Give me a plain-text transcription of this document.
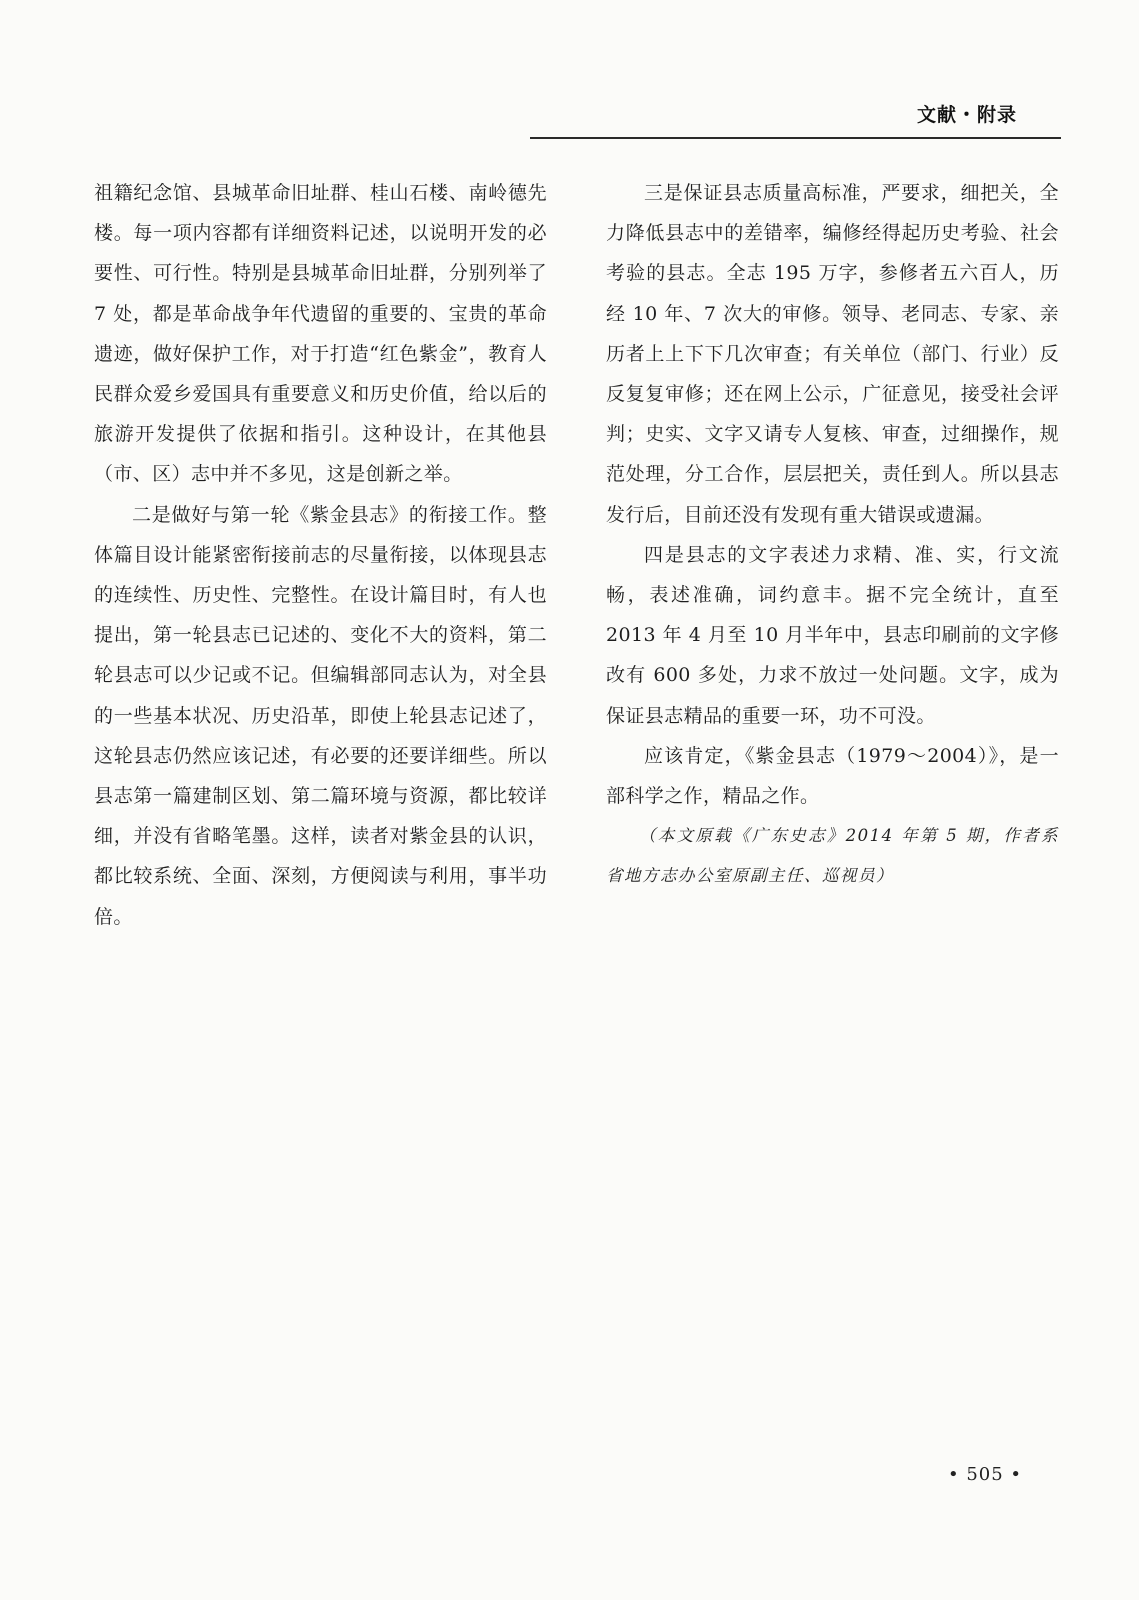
文献・附录

祖籍纪念馆、县城革命旧址群、桂山石楼、南岭德先楼。每一项内容都有详细资料记述，以说明开发的必要性、可行性。特别是县城革命旧址群，分别列举了 7 处，都是革命战争年代遗留的重要的、宝贵的革命遗迹，做好保护工作，对于打造“红色紫金”，教育人民群众爱乡爱国具有重要意义和历史价值，给以后的旅游开发提供了依据和指引。这种设计，在其他县（市、区）志中并不多见，这是创新之举。

二是做好与第一轮《紫金县志》的衔接工作。整体篇目设计能紧密衔接前志的尽量衔接，以体现县志的连续性、历史性、完整性。在设计篇目时，有人也提出，第一轮县志已记述的、变化不大的资料，第二轮县志可以少记或不记。但编辑部同志认为，对全县的一些基本状况、历史沿革，即使上轮县志记述了，这轮县志仍然应该记述，有必要的还要详细些。所以县志第一篇建制区划、第二篇环境与资源，都比较详细，并没有省略笔墨。这样，读者对紫金县的认识，都比较系统、全面、深刻，方便阅读与利用，事半功倍。

三是保证县志质量高标准，严要求，细把关，全力降低县志中的差错率，编修经得起历史考验、社会考验的县志。全志 195 万字，参修者五六百人，历经 10 年、7 次大的审修。领导、老同志、专家、亲历者上上下下几次审查；有关单位（部门、行业）反反复复审修；还在网上公示，广征意见，接受社会评判；史实、文字又请专人复核、审查，过细操作，规范处理，分工合作，层层把关，责任到人。所以县志发行后，目前还没有发现有重大错误或遗漏。

四是县志的文字表述力求精、准、实，行文流畅，表述准确，词约意丰。据不完全统计，直至 2013 年 4 月至 10 月半年中，县志印刷前的文字修改有 600 多处，力求不放过一处问题。文字，成为保证县志精品的重要一环，功不可没。

应该肯定，《紫金县志（1979～2004）》，是一部科学之作，精品之作。

（本文原载《广东史志》2014 年第 5 期，作者系省地方志办公室原副主任、巡视员）

• 505 •
